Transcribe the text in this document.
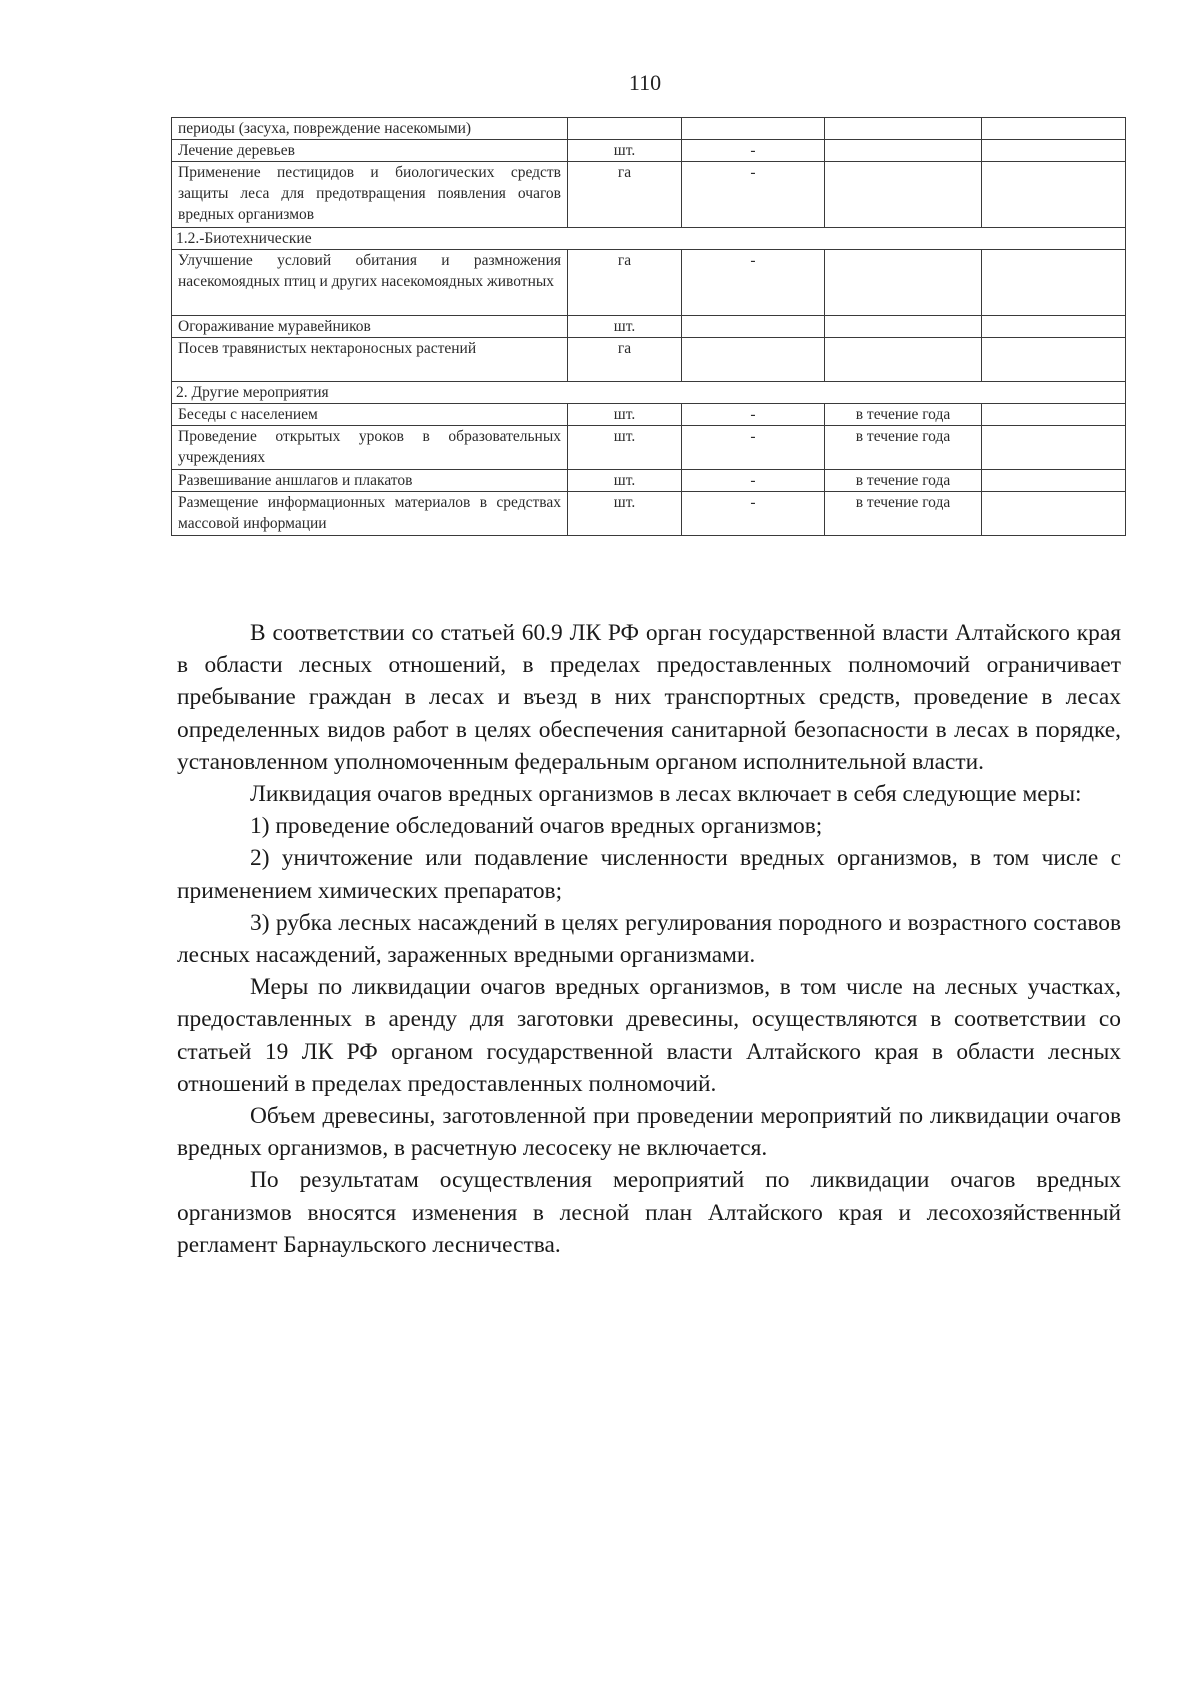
110
периоды (засуха, повреждение насекомыми)				
Лечение деревьев	шт.	-		
Применение пестицидов и биологических средств защиты леса для предотвращения появления очагов вредных организмов	га	-		
1.2.-Биотехнические				
Улучшение условий обитания и размножения насекомоядных птиц и других насекомоядных животных	га	-		
Огораживание муравейников	шт.			
Посев травянистых нектароносных растений	га			
2. Другие мероприятия				
Беседы с населением	шт.	-	в течение года	
Проведение открытых уроков в образовательных учреждениях	шт.	-	в течение года	
Развешивание аншлагов и плакатов	шт.	-	в течение года	
Размещение информационных материалов в средствах массовой информации	шт.	-	в течение года	

В соответствии со статьей 60.9 ЛК РФ орган государственной власти Алтайского края в области лесных отношений, в пределах предоставленных полномочий ограничивает пребывание граждан в лесах и въезд в них транспортных средств, проведение в лесах определенных видов работ в целях обеспечения санитарной безопасности в лесах в порядке, установленном уполномоченным федеральным органом исполнительной власти.

Ликвидация очагов вредных организмов в лесах включает в себя следующие меры:

1) проведение обследований очагов вредных организмов;

2) уничтожение или подавление численности вредных организмов, в том числе с применением химических препаратов;

3) рубка лесных насаждений в целях регулирования породного и возрастного составов лесных насаждений, зараженных вредными организмами.

Меры по ликвидации очагов вредных организмов, в том числе на лесных участках, предоставленных в аренду для заготовки древесины, осуществляются в соответствии со статьей 19 ЛК РФ органом государственной власти Алтайского края в области лесных отношений в пределах предоставленных полномочий.

Объем древесины, заготовленной при проведении мероприятий по ликвидации очагов вредных организмов, в расчетную лесосеку не включается.

По результатам осуществления мероприятий по ликвидации очагов вредных организмов вносятся изменения в лесной план Алтайского края и лесохозяйственный регламент Барнаульского лесничества.
